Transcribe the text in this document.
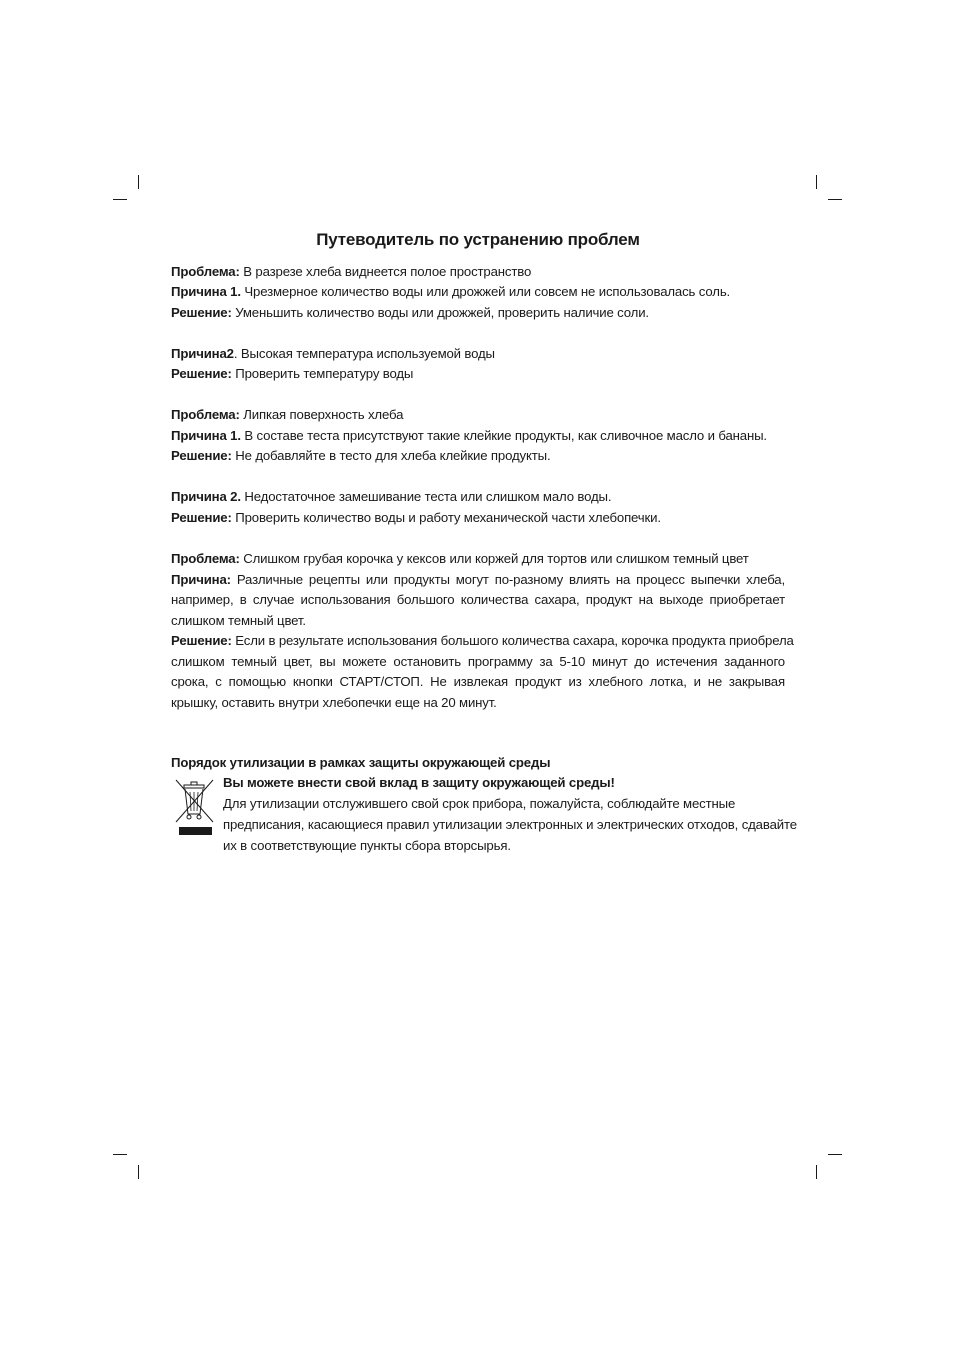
Путеводитель по устранению проблем
Проблема: В разрезе хлеба виднеется полое пространство
Причина 1. Чрезмерное количество воды или дрожжей или совсем не использовалась соль.
Решение: Уменьшить количество воды или дрожжей, проверить наличие соли.
Причина2. Высокая температура используемой воды
Решение: Проверить температуру воды
Проблема: Липкая поверхность хлеба
Причина 1. В составе теста присутствуют такие клейкие продукты, как сливочное масло и бананы.
Решение: Не добавляйте в тесто для хлеба клейкие продукты.
Причина 2. Недостаточное замешивание теста или слишком мало воды.
Решение: Проверить количество воды и работу механической части хлебопечки.
Проблема: Слишком грубая корочка у кексов или коржей для тортов или слишком темный цвет
Причина: Различные рецепты или продукты могут по-разному влиять на процесс выпечки хлеба,
например, в случае использования большого количества сахара, продукт на выходе приобретает
слишком темный цвет.
Решение: Если в результате использования большого количества сахара, корочка продукта приобрела
слишком темный цвет, вы можете остановить программу за 5-10 минут до истечения заданного
срока, с помощью кнопки СТАРТ/СТОП. Не извлекая продукт из хлебного лотка, и не закрывая
крышку, оставить внутри хлебопечки еще на 20 минут.
Порядок утилизации в рамках защиты окружающей среды
Вы можете внести свой вклад в защиту окружающей среды!
Для утилизации отслужившего свой срок прибора, пожалуйста, соблюдайте местные
предписания, касающиеся правил утилизации электронных и электрических отходов, сдавайте
их в соответствующие пункты сбора вторсырья.
